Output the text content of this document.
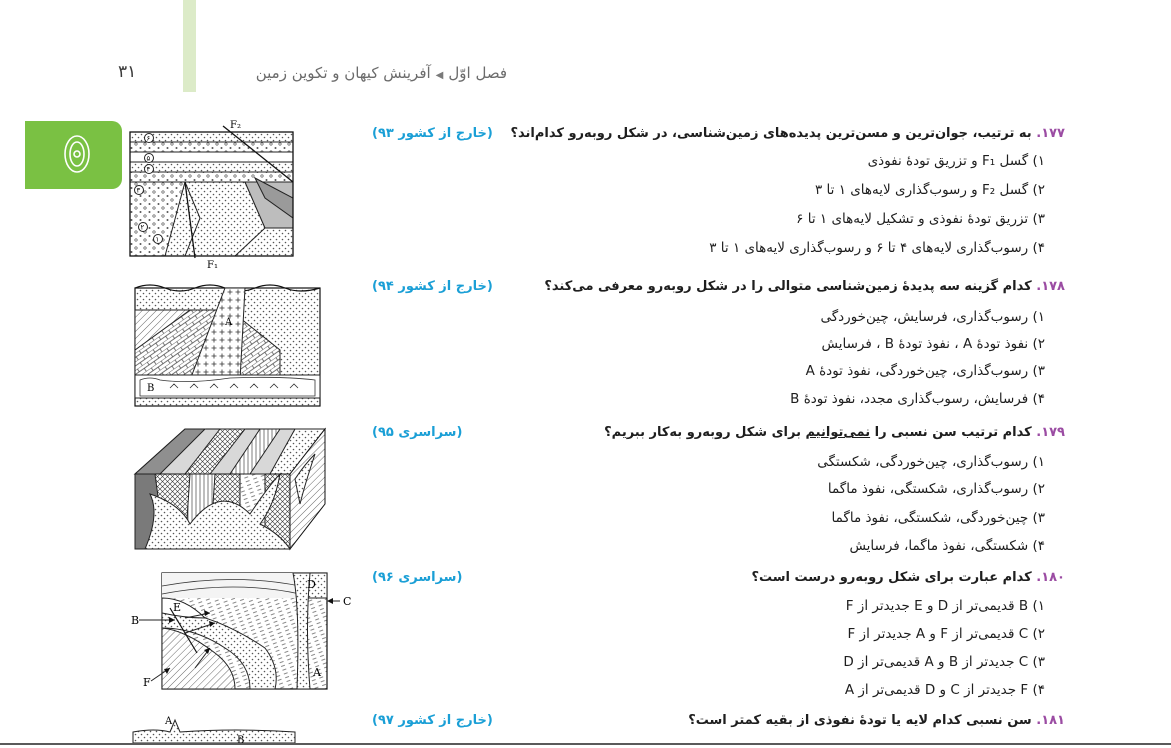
۳۱	فصل اوّل◀آفرینش کیهان و تکوین زمین
۱۷۷. به ترتیب، جوان‌ترین و مسن‌ترین پدیده‌های زمین‌شناسی، در شکل روبه‌رو کدام‌اند؟
(خارج از کشور ۹۳)
۱) گسل F₁ و تزریق تودهٔ نفوذی
۲) گسل F₂ و رسوب‌گذاری لایه‌های ۱ تا ۳
۳) تزریق تودهٔ نفوذی و تشکیل لایه‌های ۱ تا ۶
۴) رسوب‌گذاری لایه‌های ۴ تا ۶ و رسوب‌گذاری لایه‌های ۱ تا ۳
F₂
F₁
۶
۵
۴
۳
۲
۱
۱۷۸. کدام گزینه سه پدیدهٔ زمین‌شناسی متوالی را در شکل روبه‌رو معرفی می‌کند؟
(خارج از کشور ۹۴)
۱) رسوب‌گذاری، فرسایش، چین‌خوردگی
۲) نفوذ تودهٔ A ، نفوذ تودهٔ B ، فرسایش
۳) رسوب‌گذاری، چین‌خوردگی، نفوذ تودهٔ A
۴) فرسایش، رسوب‌گذاری مجدد، نفوذ تودهٔ B
A
B
۱۷۹. کدام ترتیب سن نسبی را نمی‌توانیم برای شکل روبه‌رو به‌کار ببریم؟
(سراسری ۹۵)
۱) رسوب‌گذاری، چین‌خوردگی، شکستگی
۲) رسوب‌گذاری، شکستگی، نفوذ ماگما
۳) چین‌خوردگی، شکستگی، نفوذ ماگما
۴) شکستگی، نفوذ ماگما، فرسایش
۱۸۰. کدام عبارت برای شکل روبه‌رو درست است؟
(سراسری ۹۶)
۱) B قدیمی‌تر از D و E جدیدتر از F
۲) C قدیمی‌تر از F و A جدیدتر از F
۳) C جدیدتر از B و A قدیمی‌تر از D
۴) F جدیدتر از C و D قدیمی‌تر از A
D
C
E
B
F
A
۱۸۱. سن نسبی کدام لایه یا تودهٔ نفوذی از بقیه کمتر است؟
(خارج از کشور ۹۷)
A
B
